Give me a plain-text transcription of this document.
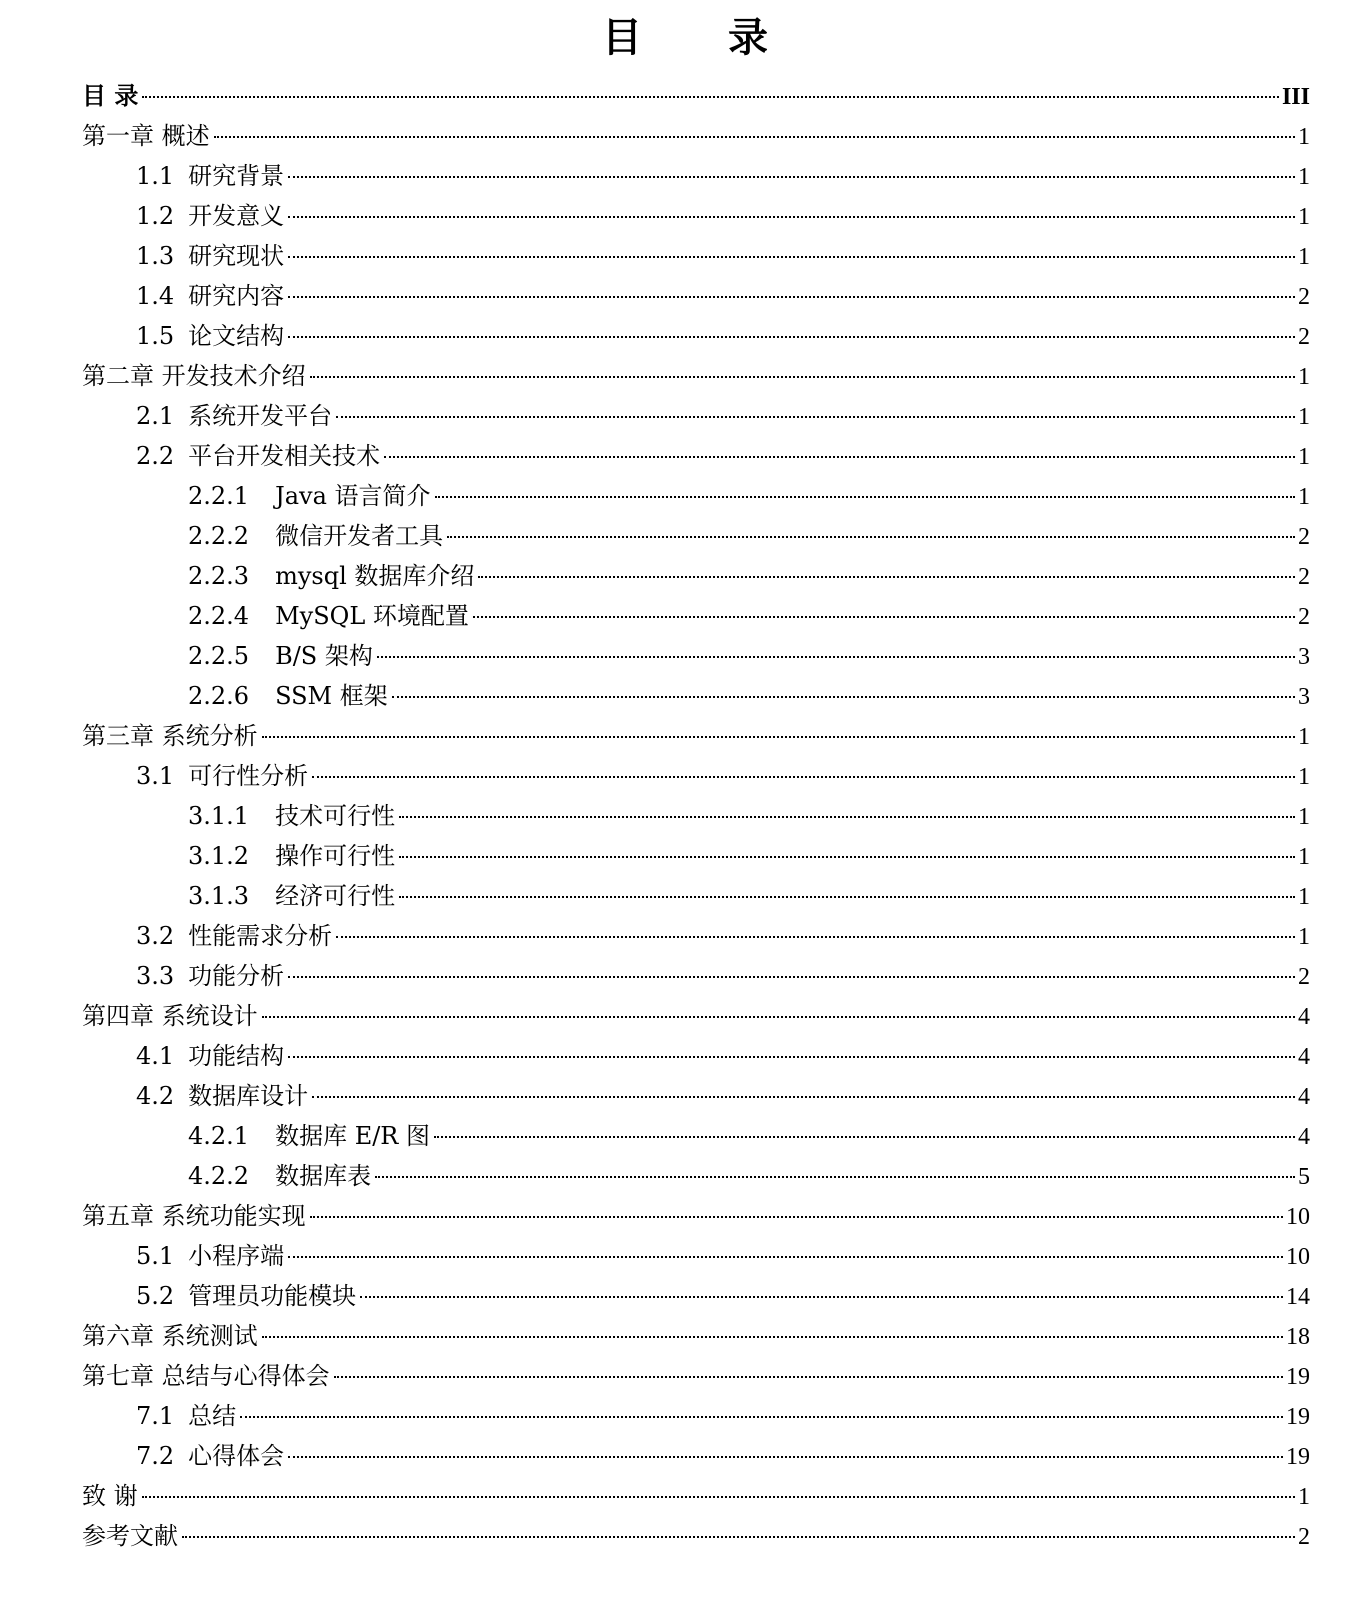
目 录
目 录	III
第一章 概述	1
1.1 研究背景	1
1.2 开发意义	1
1.3 研究现状	1
1.4 研究内容	2
1.5 论文结构	2
第二章 开发技术介绍	1
2.1 系统开发平台	1
2.2 平台开发相关技术	1
2.2.1 Java 语言简介	1
2.2.2 微信开发者工具	2
2.2.3 mysql 数据库介绍	2
2.2.4 MySQL 环境配置	2
2.2.5 B/S 架构	3
2.2.6 SSM 框架	3
第三章 系统分析	1
3.1 可行性分析	1
3.1.1 技术可行性	1
3.1.2 操作可行性	1
3.1.3 经济可行性	1
3.2 性能需求分析	1
3.3 功能分析	2
第四章 系统设计	4
4.1 功能结构	4
4.2 数据库设计	4
4.2.1 数据库 E/R 图	4
4.2.2 数据库表	5
第五章 系统功能实现	10
5.1 小程序端	10
5.2 管理员功能模块	14
第六章 系统测试	18
第七章 总结与心得体会	19
7.1 总结	19
7.2 心得体会	19
致 谢	1
参考文献	2
